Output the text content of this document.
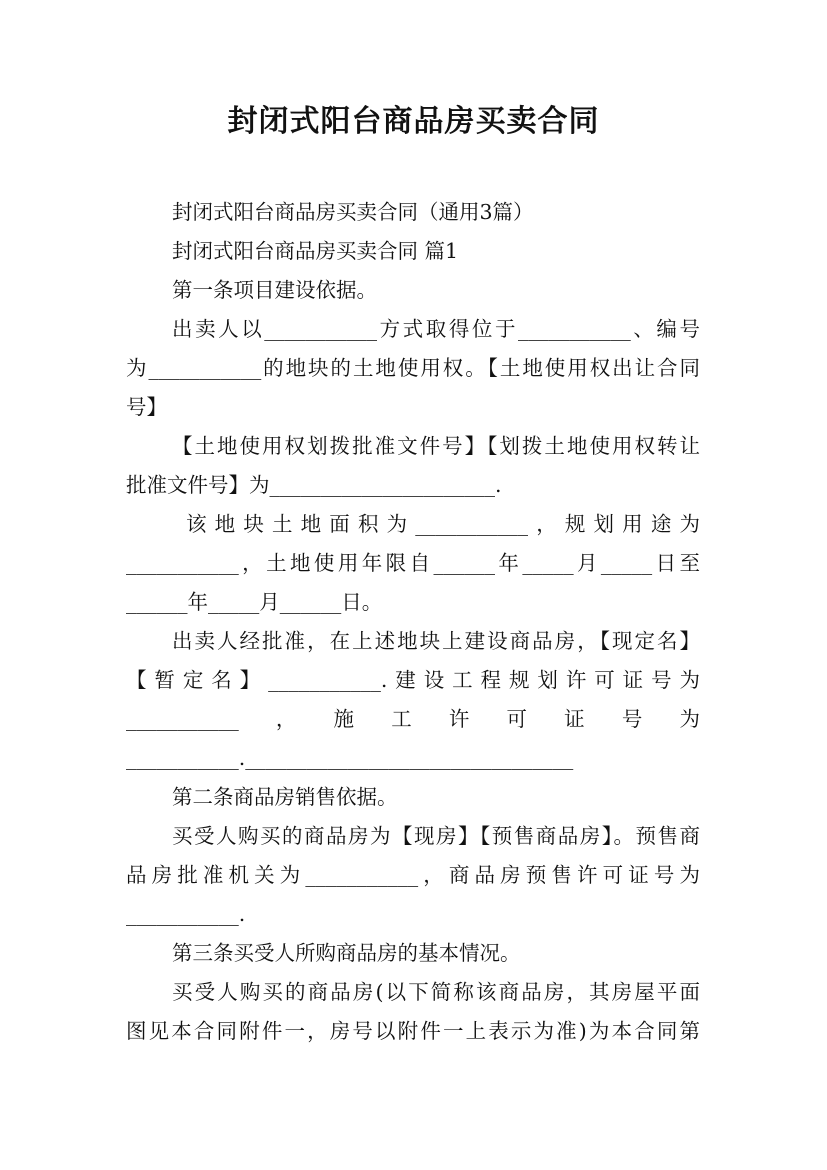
封闭式阳台商品房买卖合同
封闭式阳台商品房买卖合同（通用3篇）
封闭式阳台商品房买卖合同 篇1
第一条项目建设依据。
出卖人以___________方式取得位于___________、编号
为___________的地块的土地使用权。【土地使用权出让合同
号】
【土地使用权划拨批准文件号】【划拨土地使用权转让
批准文件号】为______________________.
该地块土地面积为___________，规划用途为
___________，土地使用年限自______年_____月_____日至
______年_____月______日。
出卖人经批准，在上述地块上建设商品房，【现定名】
【暂定名】___________.建设工程规划许可证号为
___________，施工许可证号为
___________.________________________________
第二条商品房销售依据。
买受人购买的商品房为【现房】【预售商品房】。预售商
品房批准机关为___________，商品房预售许可证号为
___________.
第三条买受人所购商品房的基本情况。
买受人购买的商品房(以下简称该商品房，其房屋平面
图见本合同附件一，房号以附件一上表示为准)为本合同第
